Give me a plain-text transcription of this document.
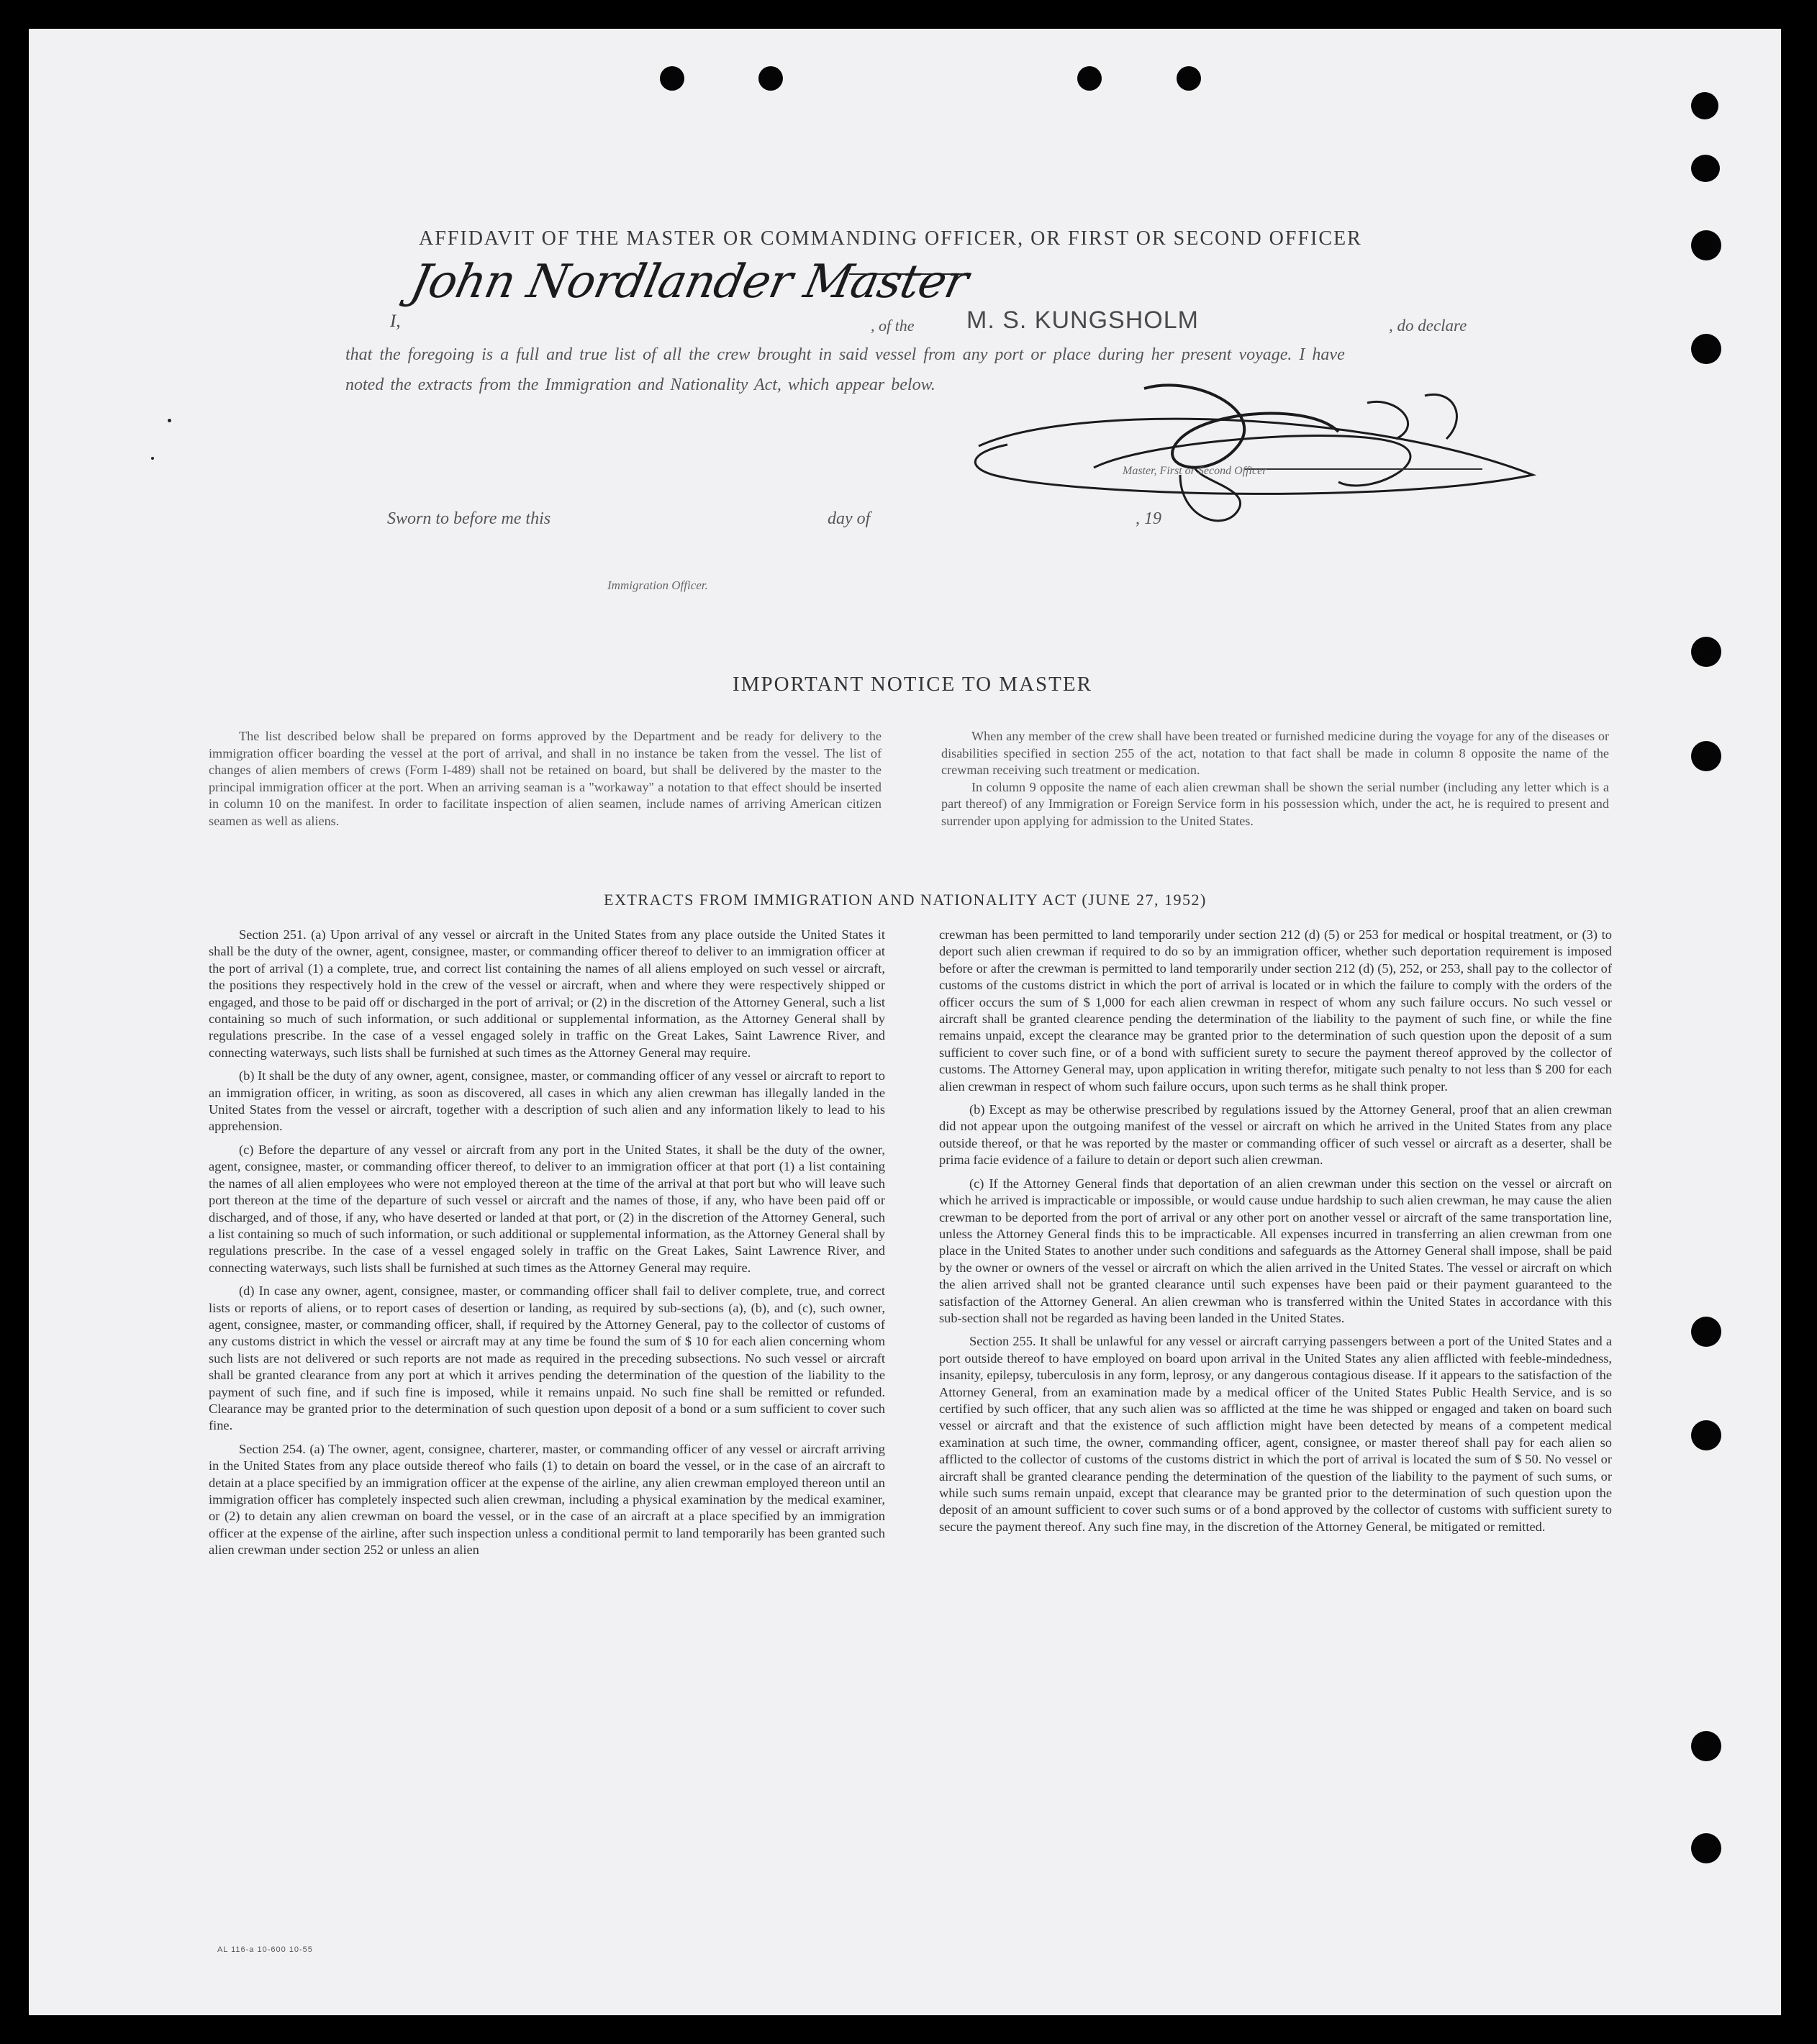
AFFIDAVIT OF THE MASTER OR COMMANDING OFFICER, OR FIRST OR SECOND OFFICER
I,
John Nordlander Master
, of the M. S. KUNGSHOLM	, do declare
that the foregoing is a full and true list of all the crew brought in said vessel from any port or place during her present voyage. I have
noted the extracts from the Immigration and Nationality Act, which appear below.
Master, First or Second Officer
Sworn to before me this	day of	, 19
Immigration Officer.
IMPORTANT NOTICE TO MASTER

The list described below shall be prepared on forms approved by the Department and be ready for delivery to the immigration officer boarding the vessel at the port of arrival, and shall in no instance be taken from the vessel. The list of changes of alien members of crews (Form I-489) shall not be retained on board, but shall be delivered by the master to the principal immigration officer at the port. When an arriving seaman is a "workaway" a notation to that effect should be inserted in column 10 on the manifest. In order to facilitate inspection of alien seamen, include names of arriving American citizen seamen as well as aliens.

When any member of the crew shall have been treated or furnished medicine during the voyage for any of the diseases or disabilities specified in section 255 of the act, notation to that fact shall be made in column 8 opposite the name of the crewman receiving such treatment or medication.

In column 9 opposite the name of each alien crewman shall be shown the serial number (including any letter which is a part thereof) of any Immigration or Foreign Service form in his possession which, under the act, he is required to present and surrender upon applying for admission to the United States.

EXTRACTS FROM IMMIGRATION AND NATIONALITY ACT (JUNE 27, 1952)

Section 251. (a) Upon arrival of any vessel or aircraft in the United States from any place outside the United States it shall be the duty of the owner, agent, consignee, master, or commanding officer thereof to deliver to an immigration officer at the port of arrival (1) a complete, true, and correct list containing the names of all aliens employed on such vessel or aircraft, the positions they respectively hold in the crew of the vessel or aircraft, when and where they were respectively shipped or engaged, and those to be paid off or discharged in the port of arrival; or (2) in the discretion of the Attorney General, such a list containing so much of such information, or such additional or supplemental information, as the Attorney General shall by regulations prescribe. In the case of a vessel engaged solely in traffic on the Great Lakes, Saint Lawrence River, and connecting waterways, such lists shall be furnished at such times as the Attorney General may require.

(b) It shall be the duty of any owner, agent, consignee, master, or commanding officer of any vessel or aircraft to report to an immigration officer, in writing, as soon as discovered, all cases in which any alien crewman has illegally landed in the United States from the vessel or aircraft, together with a description of such alien and any information likely to lead to his apprehension.

(c) Before the departure of any vessel or aircraft from any port in the United States, it shall be the duty of the owner, agent, consignee, master, or commanding officer thereof, to deliver to an immigration officer at that port (1) a list containing the names of all alien employees who were not employed thereon at the time of the arrival at that port but who will leave such port thereon at the time of the departure of such vessel or aircraft and the names of those, if any, who have been paid off or discharged, and of those, if any, who have deserted or landed at that port, or (2) in the discretion of the Attorney General, such a list containing so much of such information, or such additional or supplemental information, as the Attorney General shall by regulations prescribe. In the case of a vessel engaged solely in traffic on the Great Lakes, Saint Lawrence River, and connecting waterways, such lists shall be furnished at such times as the Attorney General may require.

(d) In case any owner, agent, consignee, master, or commanding officer shall fail to deliver complete, true, and correct lists or reports of aliens, or to report cases of desertion or landing, as required by sub-sections (a), (b), and (c), such owner, agent, consignee, master, or commanding officer, shall, if required by the Attorney General, pay to the collector of customs of any customs district in which the vessel or aircraft may at any time be found the sum of $ 10 for each alien concerning whom such lists are not delivered or such reports are not made as required in the preceding subsections. No such vessel or aircraft shall be granted clearance from any port at which it arrives pending the determination of the question of the liability to the payment of such fine, and if such fine is imposed, while it remains unpaid. No such fine shall be remitted or refunded. Clearance may be granted prior to the determination of such question upon deposit of a bond or a sum sufficient to cover such fine.

Section 254. (a) The owner, agent, consignee, charterer, master, or commanding officer of any vessel or aircraft arriving in the United States from any place outside thereof who fails (1) to detain on board the vessel, or in the case of an aircraft to detain at a place specified by an immigration officer at the expense of the airline, any alien crewman employed thereon until an immigration officer has completely inspected such alien crewman, including a physical examination by the medical examiner, or (2) to detain any alien crewman on board the vessel, or in the case of an aircraft at a place specified by an immigration officer at the expense of the airline, after such inspection unless a conditional permit to land temporarily has been granted such alien crewman under section 252 or unless an alien

crewman has been permitted to land temporarily under section 212 (d) (5) or 253 for medical or hospital treatment, or (3) to deport such alien crewman if required to do so by an immigration officer, whether such deportation requirement is imposed before or after the crewman is permitted to land temporarily under section 212 (d) (5), 252, or 253, shall pay to the collector of customs of the customs district in which the port of arrival is located or in which the failure to comply with the orders of the officer occurs the sum of $ 1,000 for each alien crewman in respect of whom any such failure occurs. No such vessel or aircraft shall be granted clearence pending the determination of the liability to the payment of such fine, or while the fine remains unpaid, except the clearance may be granted prior to the determination of such question upon the deposit of a sum sufficient to cover such fine, or of a bond with sufficient surety to secure the payment thereof approved by the collector of customs. The Attorney General may, upon application in writing therefor, mitigate such penalty to not less than $ 200 for each alien crewman in respect of whom such failure occurs, upon such terms as he shall think proper.

(b) Except as may be otherwise prescribed by regulations issued by the Attorney General, proof that an alien crewman did not appear upon the outgoing manifest of the vessel or aircraft on which he arrived in the United States from any place outside thereof, or that he was reported by the master or commanding officer of such vessel or aircraft as a deserter, shall be prima facie evidence of a failure to detain or deport such alien crewman.

(c) If the Attorney General finds that deportation of an alien crewman under this section on the vessel or aircraft on which he arrived is impracticable or impossible, or would cause undue hardship to such alien crewman, he may cause the alien crewman to be deported from the port of arrival or any other port on another vessel or aircraft of the same transportation line, unless the Attorney General finds this to be impracticable. All expenses incurred in transferring an alien crewman from one place in the United States to another under such conditions and safeguards as the Attorney General shall impose, shall be paid by the owner or owners of the vessel or aircraft on which the alien arrived in the United States. The vessel or aircraft on which the alien arrived shall not be granted clearance until such expenses have been paid or their payment guaranteed to the satisfaction of the Attorney General. An alien crewman who is transferred within the United States in accordance with this sub-section shall not be regarded as having been landed in the United States.

Section 255. It shall be unlawful for any vessel or aircraft carrying passengers between a port of the United States and a port outside thereof to have employed on board upon arrival in the United States any alien afflicted with feeble-mindedness, insanity, epilepsy, tuberculosis in any form, leprosy, or any dangerous contagious disease. If it appears to the satisfaction of the Attorney General, from an examination made by a medical officer of the United States Public Health Service, and is so certified by such officer, that any such alien was so afflicted at the time he was shipped or engaged and taken on board such vessel or aircraft and that the existence of such affliction might have been detected by means of a competent medical examination at such time, the owner, commanding officer, agent, consignee, or master thereof shall pay for each alien so afflicted to the collector of customs of the customs district in which the port of arrival is located the sum of $ 50. No vessel or aircraft shall be granted clearance pending the determination of the question of the liability to the payment of such sums, or while such sums remain unpaid, except that clearance may be granted prior to the determination of such question upon the deposit of an amount sufficient to cover such sums or of a bond approved by the collector of customs with sufficient surety to secure the payment thereof. Any such fine may, in the discretion of the Attorney General, be mitigated or remitted.

AL 116-a 10-600 10-55
